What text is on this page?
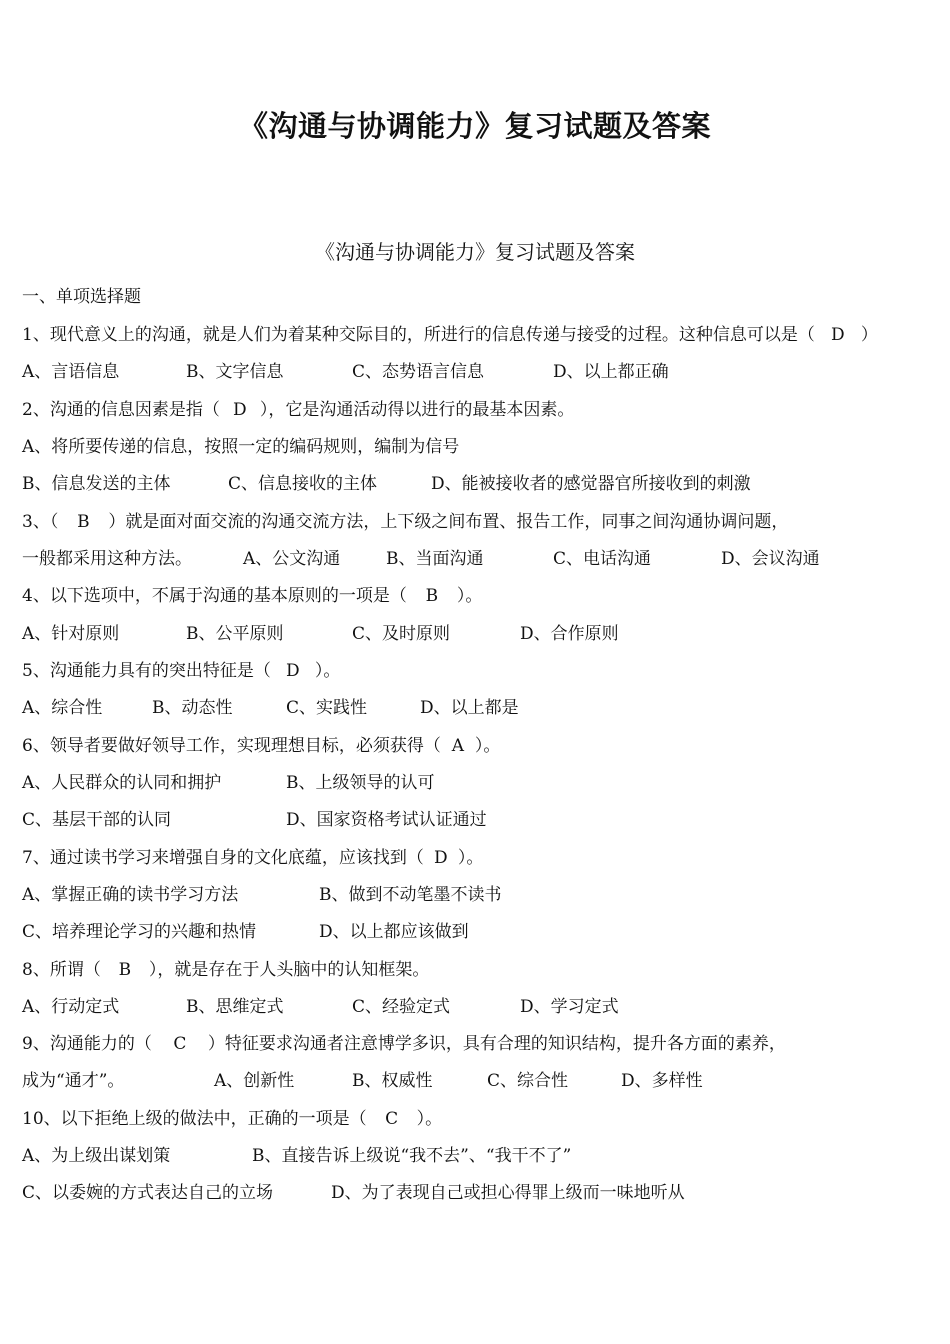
《沟通与协调能力》复习试题及答案
《沟通与协调能力》复习试题及答案
一、单项选择题
1、现代意义上的沟通，就是人们为着某种交际目的，所进行的信息传递与接受的过程。这种信息可以是（ D ）
A、言语信息	B、文字信息	C、态势语言信息	D、以上都正确
2、沟通的信息因素是指（ D ），它是沟通活动得以进行的最基本因素。
A、将所要传递的信息，按照一定的编码规则，编制为信号
B、信息发送的主体	C、信息接收的主体	D、能被接收者的感觉器官所接收到的刺激
3、（ B ）就是面对面交流的沟通交流方法，上下级之间布置、报告工作，同事之间沟通协调问题，
一般都采用这种方法。	A、公文沟通	B、当面沟通	C、电话沟通	D、会议沟通
4、以下选项中，不属于沟通的基本原则的一项是（ B ）。
A、针对原则	B、公平原则	C、及时原则	D、合作原则
5、沟通能力具有的突出特征是（ D ）。
A、综合性	B、动态性	C、实践性	D、以上都是
6、领导者要做好领导工作，实现理想目标，必须获得（ A ）。
A、人民群众的认同和拥护	B、上级领导的认可
C、基层干部的认同	D、国家资格考试认证通过
7、通过读书学习来增强自身的文化底蕴，应该找到（ D ）。
A、掌握正确的读书学习方法	B、做到不动笔墨不读书
C、培养理论学习的兴趣和热情	D、以上都应该做到
8、所谓（ B ），就是存在于人头脑中的认知框架。
A、行动定式	B、思维定式	C、经验定式	D、学习定式
9、沟通能力的（ C ）特征要求沟通者注意博学多识，具有合理的知识结构，提升各方面的素养，
成为“通才”。	A、创新性	B、权威性	C、综合性	D、多样性
10、以下拒绝上级的做法中，正确的一项是（ C ）。
A、为上级出谋划策	B、直接告诉上级说“我不去”、“我干不了”
C、以委婉的方式表达自己的立场	D、为了表现自己或担心得罪上级而一味地听从
